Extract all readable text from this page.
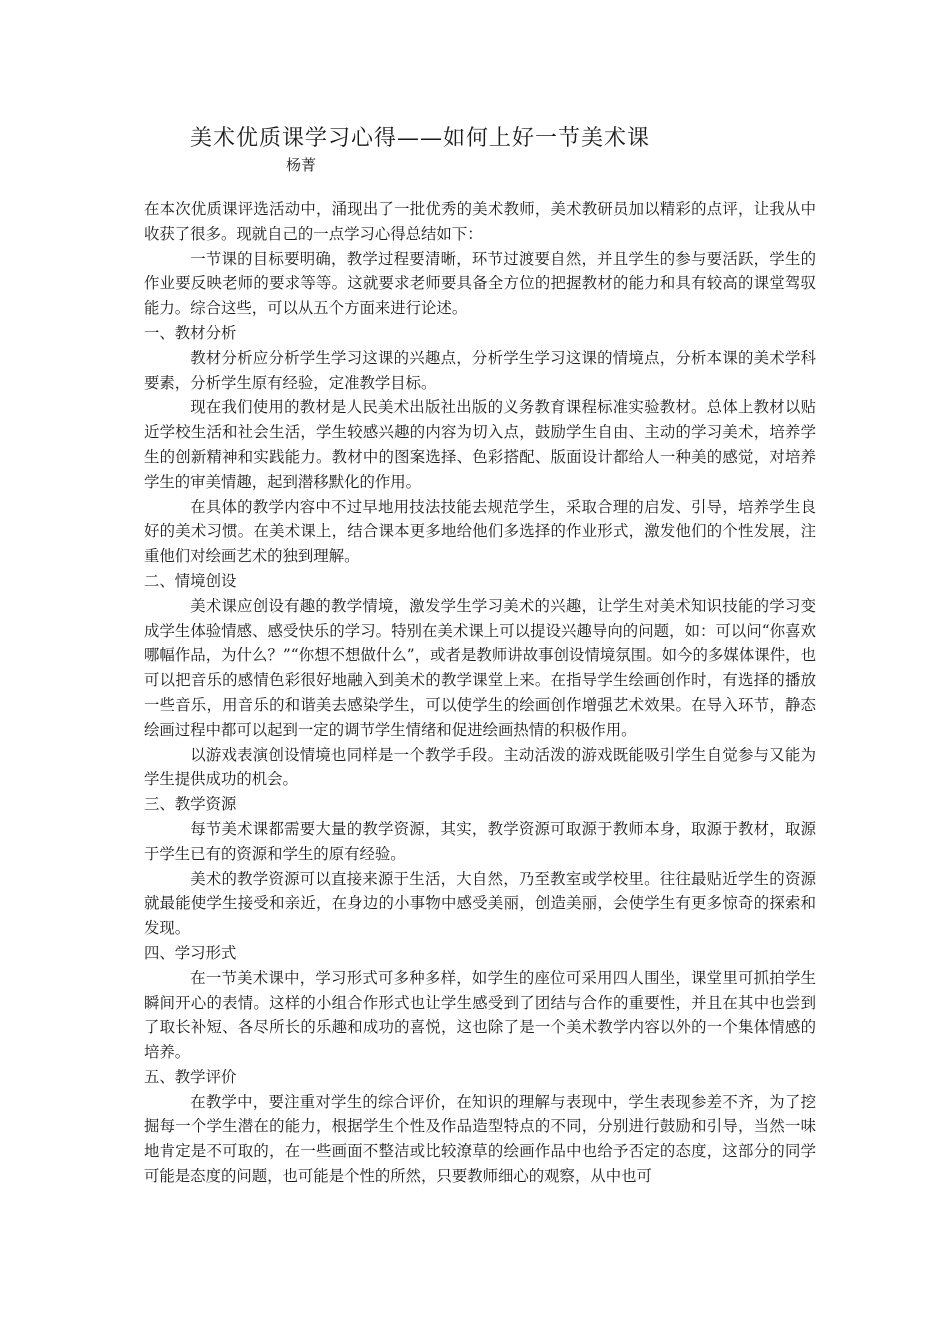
美术优质课学习心得——如何上好一节美术课
杨菁

在本次优质课评选活动中，涌现出了一批优秀的美术教师，美术教研员加以精彩的点评，让我从中收获了很多。现就自己的一点学习心得总结如下：

一节课的目标要明确，教学过程要清晰，环节过渡要自然，并且学生的参与要活跃，学生的作业要反映老师的要求等等。这就要求老师要具备全方位的把握教材的能力和具有较高的课堂驾驭能力。综合这些，可以从五个方面来进行论述。

一、教材分析

教材分析应分析学生学习这课的兴趣点，分析学生学习这课的情境点，分析本课的美术学科要素，分析学生原有经验，定准教学目标。

现在我们使用的教材是人民美术出版社出版的义务教育课程标准实验教材。总体上教材以贴近学校生活和社会生活，学生较感兴趣的内容为切入点，鼓励学生自由、主动的学习美术，培养学生的创新精神和实践能力。教材中的图案选择、色彩搭配、版面设计都给人一种美的感觉，对培养学生的审美情趣，起到潜移默化的作用。

在具体的教学内容中不过早地用技法技能去规范学生，采取合理的启发、引导，培养学生良好的美术习惯。在美术课上，结合课本更多地给他们多选择的作业形式，激发他们的个性发展，注重他们对绘画艺术的独到理解。

二、情境创设

美术课应创设有趣的教学情境，激发学生学习美术的兴趣，让学生对美术知识技能的学习变成学生体验情感、感受快乐的学习。特别在美术课上可以提设兴趣导向的问题，如：可以问“你喜欢哪幅作品，为什么？”“你想不想做什么”，或者是教师讲故事创设情境氛围。如今的多媒体课件，也可以把音乐的感情色彩很好地融入到美术的教学课堂上来。在指导学生绘画创作时，有选择的播放一些音乐，用音乐的和谐美去感染学生，可以使学生的绘画创作增强艺术效果。在导入环节，静态绘画过程中都可以起到一定的调节学生情绪和促进绘画热情的积极作用。

以游戏表演创设情境也同样是一个教学手段。主动活泼的游戏既能吸引学生自觉参与又能为学生提供成功的机会。

三、教学资源

每节美术课都需要大量的教学资源，其实，教学资源可取源于教师本身，取源于教材，取源于学生已有的资源和学生的原有经验。

美术的教学资源可以直接来源于生活，大自然，乃至教室或学校里。往往最贴近学生的资源就最能使学生接受和亲近，在身边的小事物中感受美丽，创造美丽，会使学生有更多惊奇的探索和发现。

四、学习形式

在一节美术课中，学习形式可多种多样，如学生的座位可采用四人围坐，课堂里可抓拍学生瞬间开心的表情。这样的小组合作形式也让学生感受到了团结与合作的重要性，并且在其中也尝到了取长补短、各尽所长的乐趣和成功的喜悦，这也除了是一个美术教学内容以外的一个集体情感的培养。

五、教学评价

在教学中，要注重对学生的综合评价，在知识的理解与表现中，学生表现参差不齐，为了挖掘每一个学生潜在的能力，根据学生个性及作品造型特点的不同，分别进行鼓励和引导，当然一味地肯定是不可取的，在一些画面不整洁或比较潦草的绘画作品中也给予否定的态度，这部分的同学可能是态度的问题，也可能是个性的所然，只要教师细心的观察，从中也可
